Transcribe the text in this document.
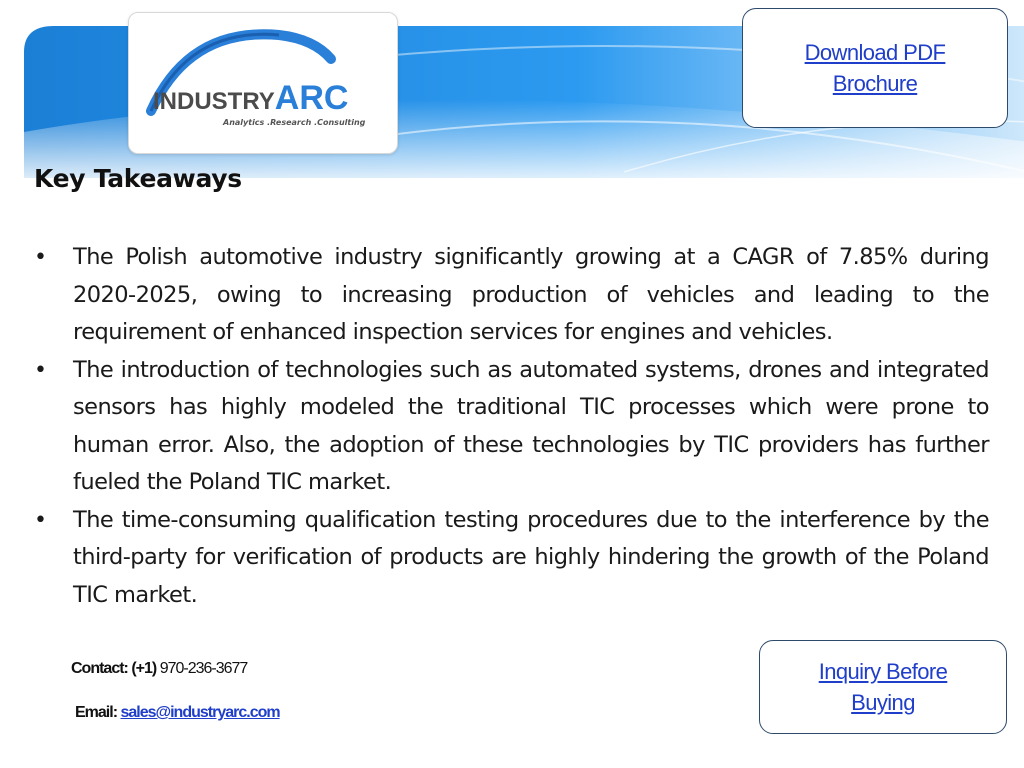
INDUSTRYARC
Analytics .Research .Consulting
Download PDF Brochure
Key Takeaways
• The Polish automotive industry significantly growing at a CAGR of 7.85% during 2020-2025, owing to increasing production of vehicles and leading to the requirement of enhanced inspection services for engines and vehicles.
• The introduction of technologies such as automated systems, drones and integrated sensors has highly modeled the traditional TIC processes which were prone to human error. Also, the adoption of these technologies by TIC providers has further fueled the Poland TIC market.
• The time-consuming qualification testing procedures due to the interference by the third-party for verification of products are highly hindering the growth of the Poland TIC market.
Contact: (+1) 970-236-3677
Email: sales@industryarc.com
Inquiry Before Buying
